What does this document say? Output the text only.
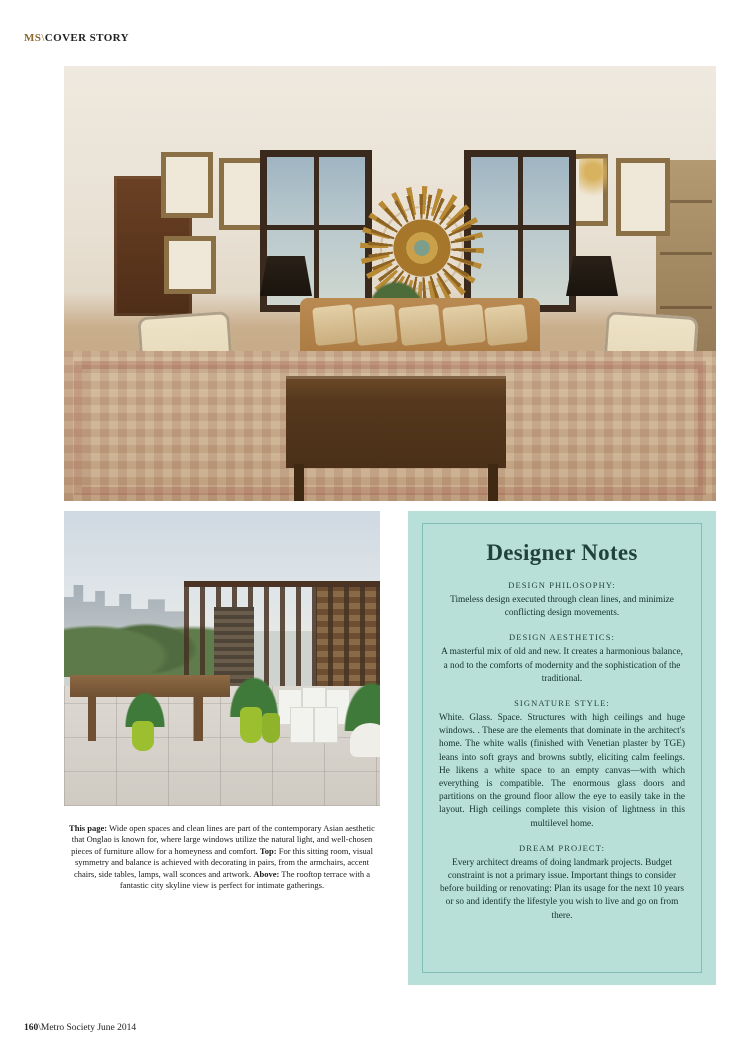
MS\COVER STORY

This page: Wide open spaces and clean lines are part of the contemporary Asian aesthetic that Onglao is known for, where large windows utilize the natural light, and well-chosen pieces of furniture allow for a homeyness and comfort. Top: For this sitting room, visual symmetry and balance is achieved with decorating in pairs, from the armchairs, accent chairs, side tables, lamps, wall sconces and artwork. Above: The rooftop terrace with a fantastic city skyline view is perfect for intimate gatherings.

Designer Notes
DESIGN PHILOSOPHY:

Timeless design executed through clean lines, and minimize conflicting design movements.

DESIGN AESTHETICS:

A masterful mix of old and new. It creates a harmonious balance, a nod to the comforts of modernity and the sophistication of the traditional.

SIGNATURE STYLE:

White. Glass. Space. Structures with high ceilings and huge windows. . These are the elements that dominate in the architect's home. The white walls (finished with Venetian plaster by TGE) leans into soft grays and browns subtly, eliciting calm feelings. He likens a white space to an empty canvas—with which everything is compatible. The enormous glass doors and partitions on the ground floor allow the eye to easily take in the layout. High ceilings complete this vision of lightness in this multilevel home.

DREAM PROJECT:

Every architect dreams of doing landmark projects. Budget constraint is not a primary issue. Important things to consider before building or renovating: Plan its usage for the next 10 years or so and identify the lifestyle you wish to live and go on from there.

160\Metro Society June 2014
